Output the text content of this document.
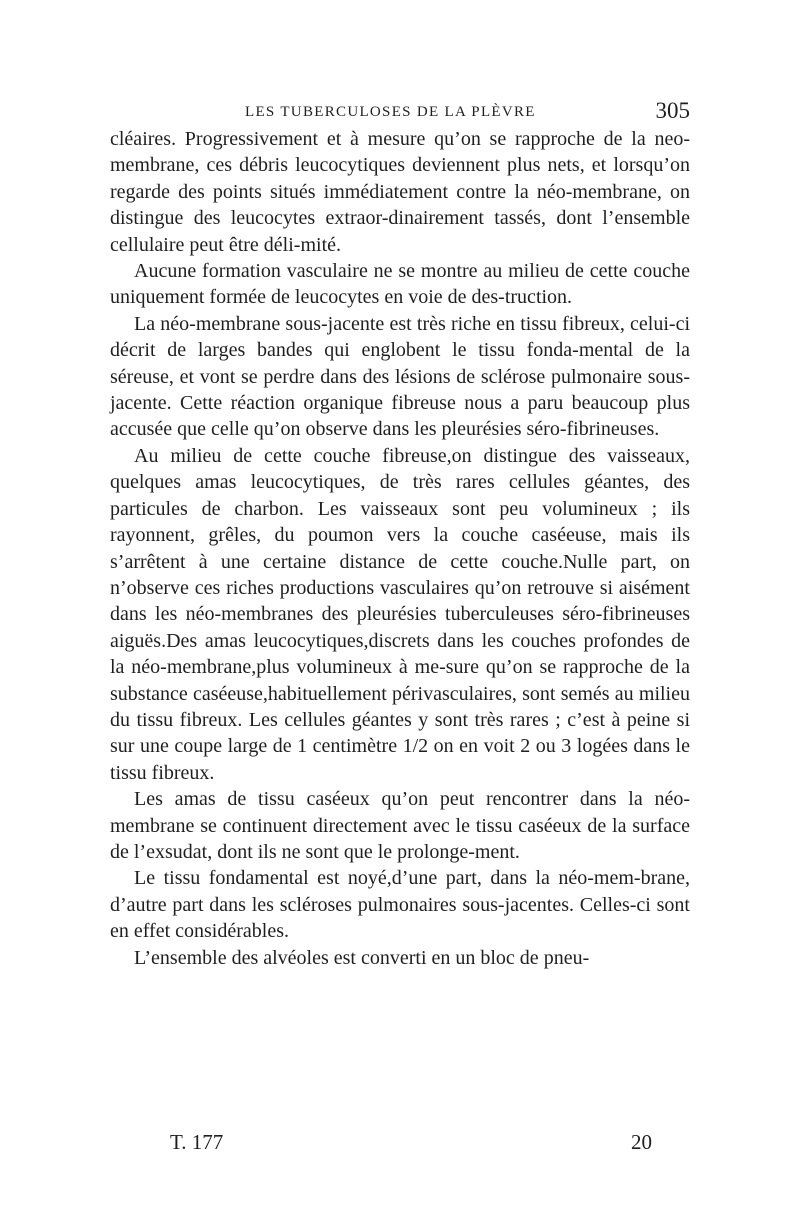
LES TUBERCULOSES DE LA PLÈVRE	305

cléaires. Progressivement et à mesure qu’on se rapproche de la neo-membrane, ces débris leucocytiques deviennent plus nets, et lorsqu’on regarde des points situés immédiatement contre la néo-membrane, on distingue des leucocytes extraor-dinairement tassés, dont l’ensemble cellulaire peut être déli-mité.

Aucune formation vasculaire ne se montre au milieu de cette couche uniquement formée de leucocytes en voie de des-truction.

La néo-membrane sous-jacente est très riche en tissu fibreux, celui-ci décrit de larges bandes qui englobent le tissu fonda-mental de la séreuse, et vont se perdre dans des lésions de sclérose pulmonaire sous-jacente. Cette réaction organique fibreuse nous a paru beaucoup plus accusée que celle qu’on observe dans les pleurésies séro-fibrineuses.

Au milieu de cette couche fibreuse,on distingue des vaisseaux, quelques amas leucocytiques, de très rares cellules géantes, des particules de charbon. Les vaisseaux sont peu volumineux ; ils rayonnent, grêles, du poumon vers la couche caséeuse, mais ils s’arrêtent à une certaine distance de cette couche.Nulle part, on n’observe ces riches productions vasculaires qu’on retrouve si aisément dans les néo-membranes des pleurésies tuberculeuses séro-fibrineuses aiguës.Des amas leucocytiques,discrets dans les couches profondes de la néo-membrane,plus volumineux à me-sure qu’on se rapproche de la substance caséeuse,habituellement périvasculaires, sont semés au milieu du tissu fibreux. Les cellules géantes y sont très rares ; c’est à peine si sur une coupe large de 1 centimètre 1/2 on en voit 2 ou 3 logées dans le tissu fibreux.

Les amas de tissu caséeux qu’on peut rencontrer dans la néo-membrane se continuent directement avec le tissu caséeux de la surface de l’exsudat, dont ils ne sont que le prolonge-ment.

Le tissu fondamental est noyé,d’une part, dans la néo-mem-brane, d’autre part dans les scléroses pulmonaires sous-jacentes. Celles-ci sont en effet considérables.

L’ensemble des alvéoles est converti en un bloc de pneu-

T. 177	20
